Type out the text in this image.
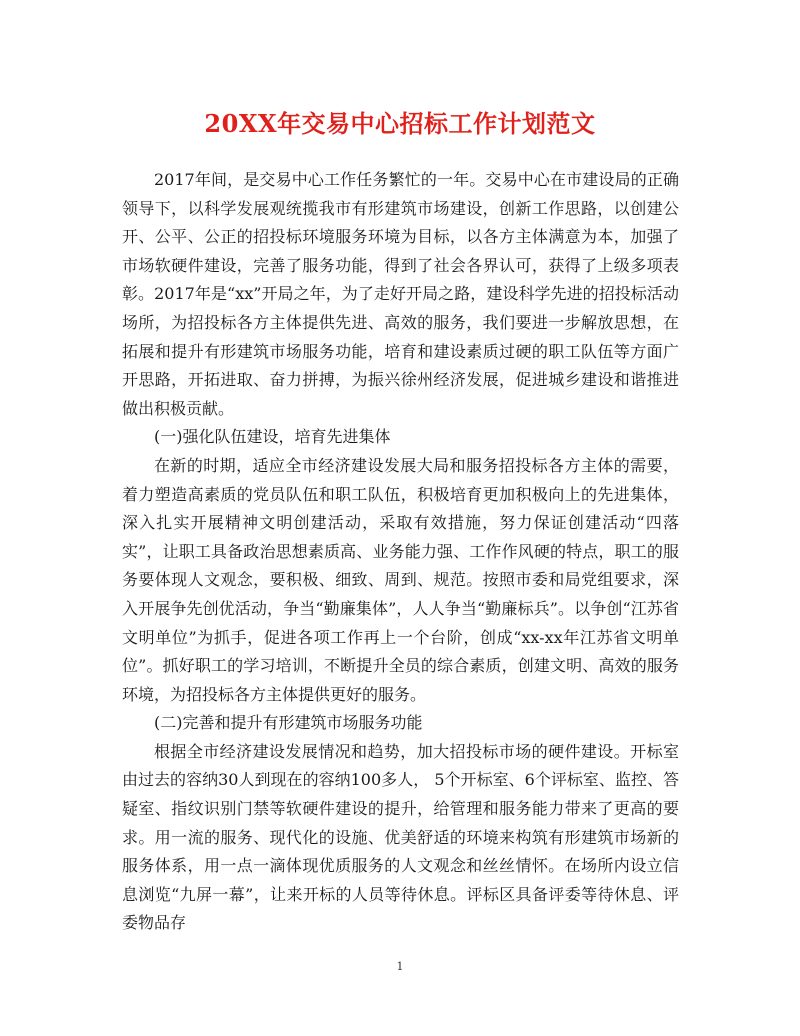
20XX年交易中心招标工作计划范文

2017年间，是交易中心工作任务繁忙的一年。交易中心在市建设局的正确领导下，以科学发展观统揽我市有形建筑市场建设，创新工作思路，以创建公开、公平、公正的招投标环境服务环境为目标，以各方主体满意为本，加强了市场软硬件建设，完善了服务功能，得到了社会各界认可，获得了上级多项表彰。2017年是“xx”开局之年，为了走好开局之路，建设科学先进的招投标活动场所，为招投标各方主体提供先进、高效的服务，我们要进一步解放思想，在拓展和提升有形建筑市场服务功能，培育和建设素质过硬的职工队伍等方面广开思路，开拓进取、奋力拼搏，为振兴徐州经济发展，促进城乡建设和谐推进做出积极贡献。

(一)强化队伍建设，培育先进集体

在新的时期，适应全市经济建设发展大局和服务招投标各方主体的需要，着力塑造高素质的党员队伍和职工队伍，积极培育更加积极向上的先进集体，深入扎实开展精神文明创建活动，采取有效措施，努力保证创建活动“四落实”，让职工具备政治思想素质高、业务能力强、工作作风硬的特点，职工的服务要体现人文观念，要积极、细致、周到、规范。按照市委和局党组要求，深入开展争先创优活动，争当“勤廉集体”，人人争当“勤廉标兵”。以争创“江苏省文明单位”为抓手，促进各项工作再上一个台阶，创成“xx-xx年江苏省文明单位”。抓好职工的学习培训，不断提升全员的综合素质，创建文明、高效的服务环境，为招投标各方主体提供更好的服务。

(二)完善和提升有形建筑市场服务功能

根据全市经济建设发展情况和趋势，加大招投标市场的硬件建设。开标室由过去的容纳30人到现在的容纳100多人， 5个开标室、6个评标室、监控、答疑室、指纹识别门禁等软硬件建设的提升，给管理和服务能力带来了更高的要求。用一流的服务、现代化的设施、优美舒适的环境来构筑有形建筑市场新的服务体系，用一点一滴体现优质服务的人文观念和丝丝情怀。在场所内设立信息浏览“九屏一幕”，让来开标的人员等待休息。评标区具备评委等待休息、评委物品存

1
